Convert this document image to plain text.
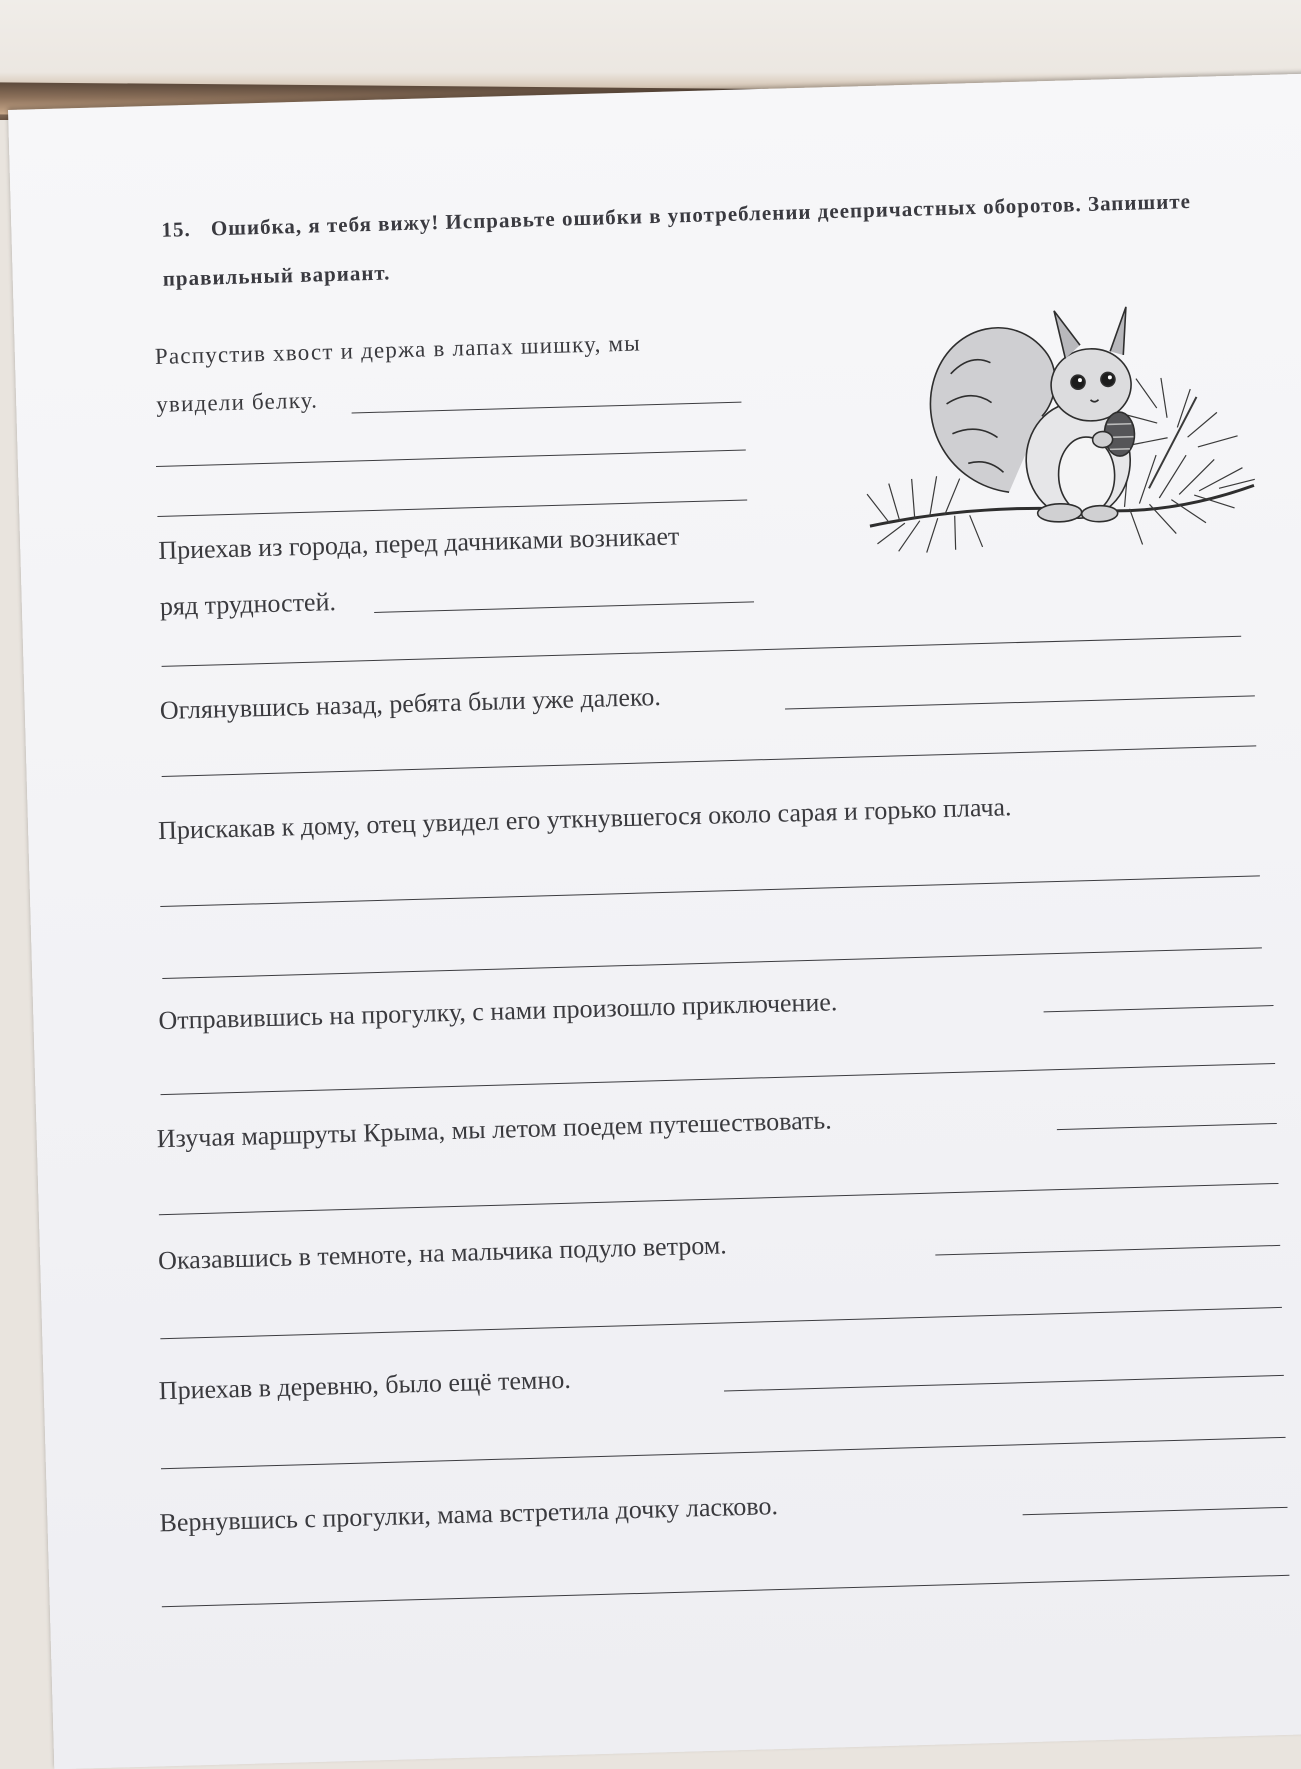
15. Ошибка, я тебя вижу! Исправьте ошибки в употреблении деепричастных оборотов. Запишите правильный вариант.
Распустив хвост и держа в лапах шишку, мы
увидели белку.
Приехав из города, перед дачниками возникает
ряд трудностей.
Оглянувшись назад, ребята были уже далеко.
Прискакав к дому, отец увидел его уткнувшегося около сарая и горько плача.
Отправившись на прогулку, с нами произошло приключение.
Изучая маршруты Крыма, мы летом поедем путешествовать.
Оказавшись в темноте, на мальчика подуло ветром.
Приехав в деревню, было ещё темно.
Вернувшись с прогулки, мама встретила дочку ласково.
